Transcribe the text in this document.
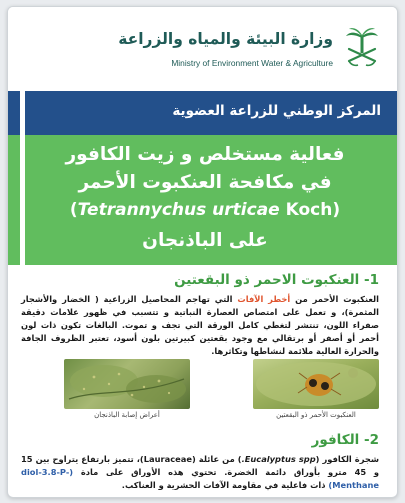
وزارة البيئة والمياه والزراعة
Ministry of Environment Water & Agriculture
المركز الوطني للزراعة العضوية
فعالية مستخلص و زيت الكافور
في مكافحة العنكبوت الأحمر
(Tetrannychus urticae Koch)
على الباذنجان
1- العنكبوت الاحمر ذو البقعتين
العنكبوت الأحمر من أخطر الآفات التي تهاجم المحاصيل الزراعية ( الخضار والأشجار المثمرة)، و تعمل على امتصاص العصارة النباتية و تتسبب في ظهور علامات دقيقة صفراء اللون، تنتشر لتغطي كامل الورقة التي تجف و تموت. البالغات تكون ذات لون أحمر أو أصفر أو برتقالي مع وجود بقعتين كبيرتين بلون أسود، تعتبر الظروف الجافة والحرارة العالية ملائمة لنشاطها وتكاثرها.
أعراض إصابة الباذنجان	العنكبوت الأحمر ذو البقعتين
2- الكافور
شجرة الكافور (Eucalyptus spp.) من عائلة (Lauraceae)، تتميز بارتفاع يتراوح بين 15 و 45 مترو بأوراق دائمة الخضرة. تحتوي هذه الأوراق على مادة (diol-3.8-P- Menthane) ذات فاعلية في مقاومة الآفات الحشرية و العناكب.
